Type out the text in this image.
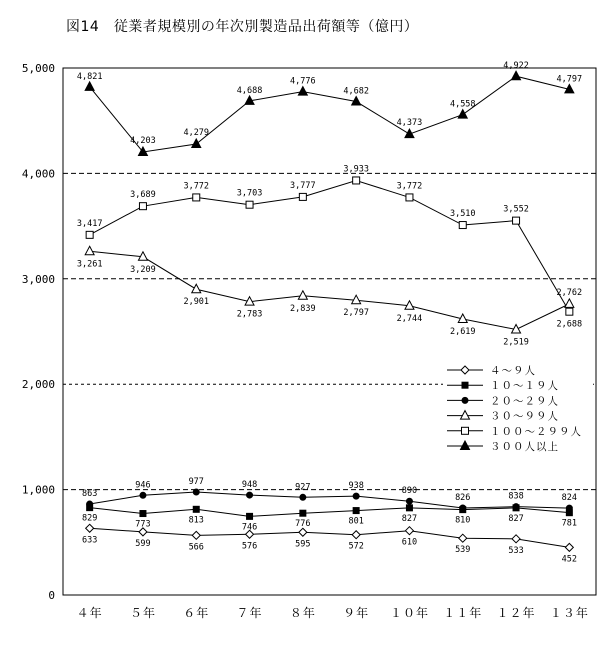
図14　従業者規模別の年次別製造品出荷額等（億円）
0
1,000
2,000
3,000
4,000
5,000
４年 ５年 ６年 ７年 ８年 ９年 １０年 １１年 １２年 １３年
633	599	566	576	595	572	610
539	533
452
829
773	813
746	776	801	827	810	827	781
863
946	977	948	927	938
890
826	838	824
3,261
3,209
2,901
2,783
2,839	2,797
2,744
2,619
2,519
2,762
3,417
3,689
3,772
3,703
3,777
3,933
3,772
3,510	3,552
2,688
4,821
4,203
4,279
4,688
4,776
4,682
4,373
4,558
4,922
4,797
４～９人
１０～１９人
２０～２９人
３０～９９人
１００～２９９人
３００人以上
